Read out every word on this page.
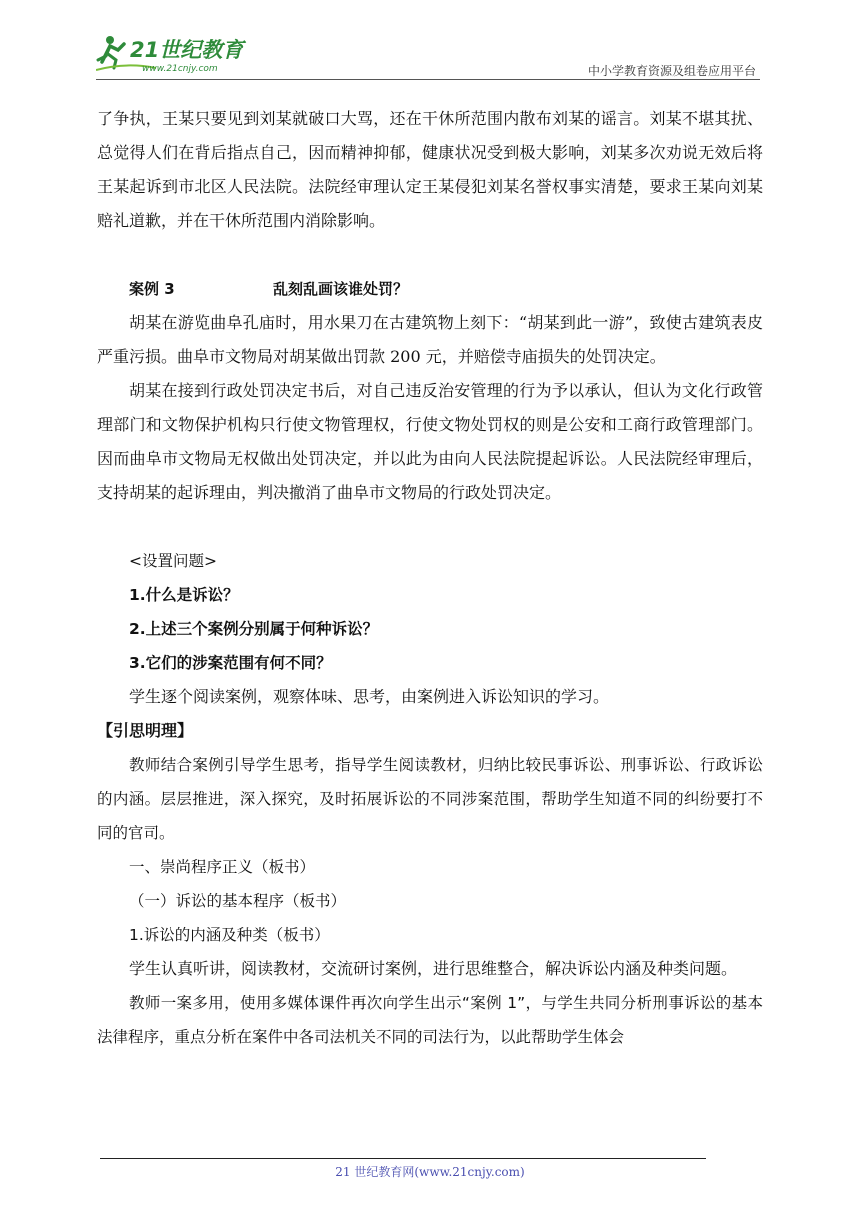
21世纪教育
www.21cnjy.com	中小学教育资源及组卷应用平台

了争执，王某只要见到刘某就破口大骂，还在干休所范围内散布刘某的谣言。刘某不堪其扰、总觉得人们在背后指点自己，因而精神抑郁，健康状况受到极大影响，刘某多次劝说无效后将王某起诉到市北区人民法院。法院经审理认定王某侵犯刘某名誉权事实清楚，要求王某向刘某赔礼道歉，并在干休所范围内消除影响。

案例 3	乱刻乱画该谁处罚？

胡某在游览曲阜孔庙时，用水果刀在古建筑物上刻下：“胡某到此一游”，致使古建筑表皮严重污损。曲阜市文物局对胡某做出罚款 200 元，并赔偿寺庙损失的处罚决定。

胡某在接到行政处罚决定书后，对自己违反治安管理的行为予以承认，但认为文化行政管理部门和文物保护机构只行使文物管理权，行使文物处罚权的则是公安和工商行政管理部门。因而曲阜市文物局无权做出处罚决定，并以此为由向人民法院提起诉讼。人民法院经审理后，支持胡某的起诉理由，判决撤消了曲阜市文物局的行政处罚决定。

<设置问题>

1.什么是诉讼？
2.上述三个案例分别属于何种诉讼？
3.它们的涉案范围有何不同？

学生逐个阅读案例，观察体味、思考，由案例进入诉讼知识的学习。

【引思明理】

教师结合案例引导学生思考，指导学生阅读教材，归纳比较民事诉讼、刑事诉讼、行政诉讼的内涵。层层推进，深入探究，及时拓展诉讼的不同涉案范围，帮助学生知道不同的纠纷要打不同的官司。

一、崇尚程序正义（板书）

（一）诉讼的基本程序（板书）

1.诉讼的内涵及种类（板书）

学生认真听讲，阅读教材，交流研讨案例，进行思维整合，解决诉讼内涵及种类问题。

教师一案多用，使用多媒体课件再次向学生出示“案例 1”，与学生共同分析刑事诉讼的基本法律程序，重点分析在案件中各司法机关不同的司法行为，以此帮助学生体会

21 世纪教育网(www.21cnjy.com)
